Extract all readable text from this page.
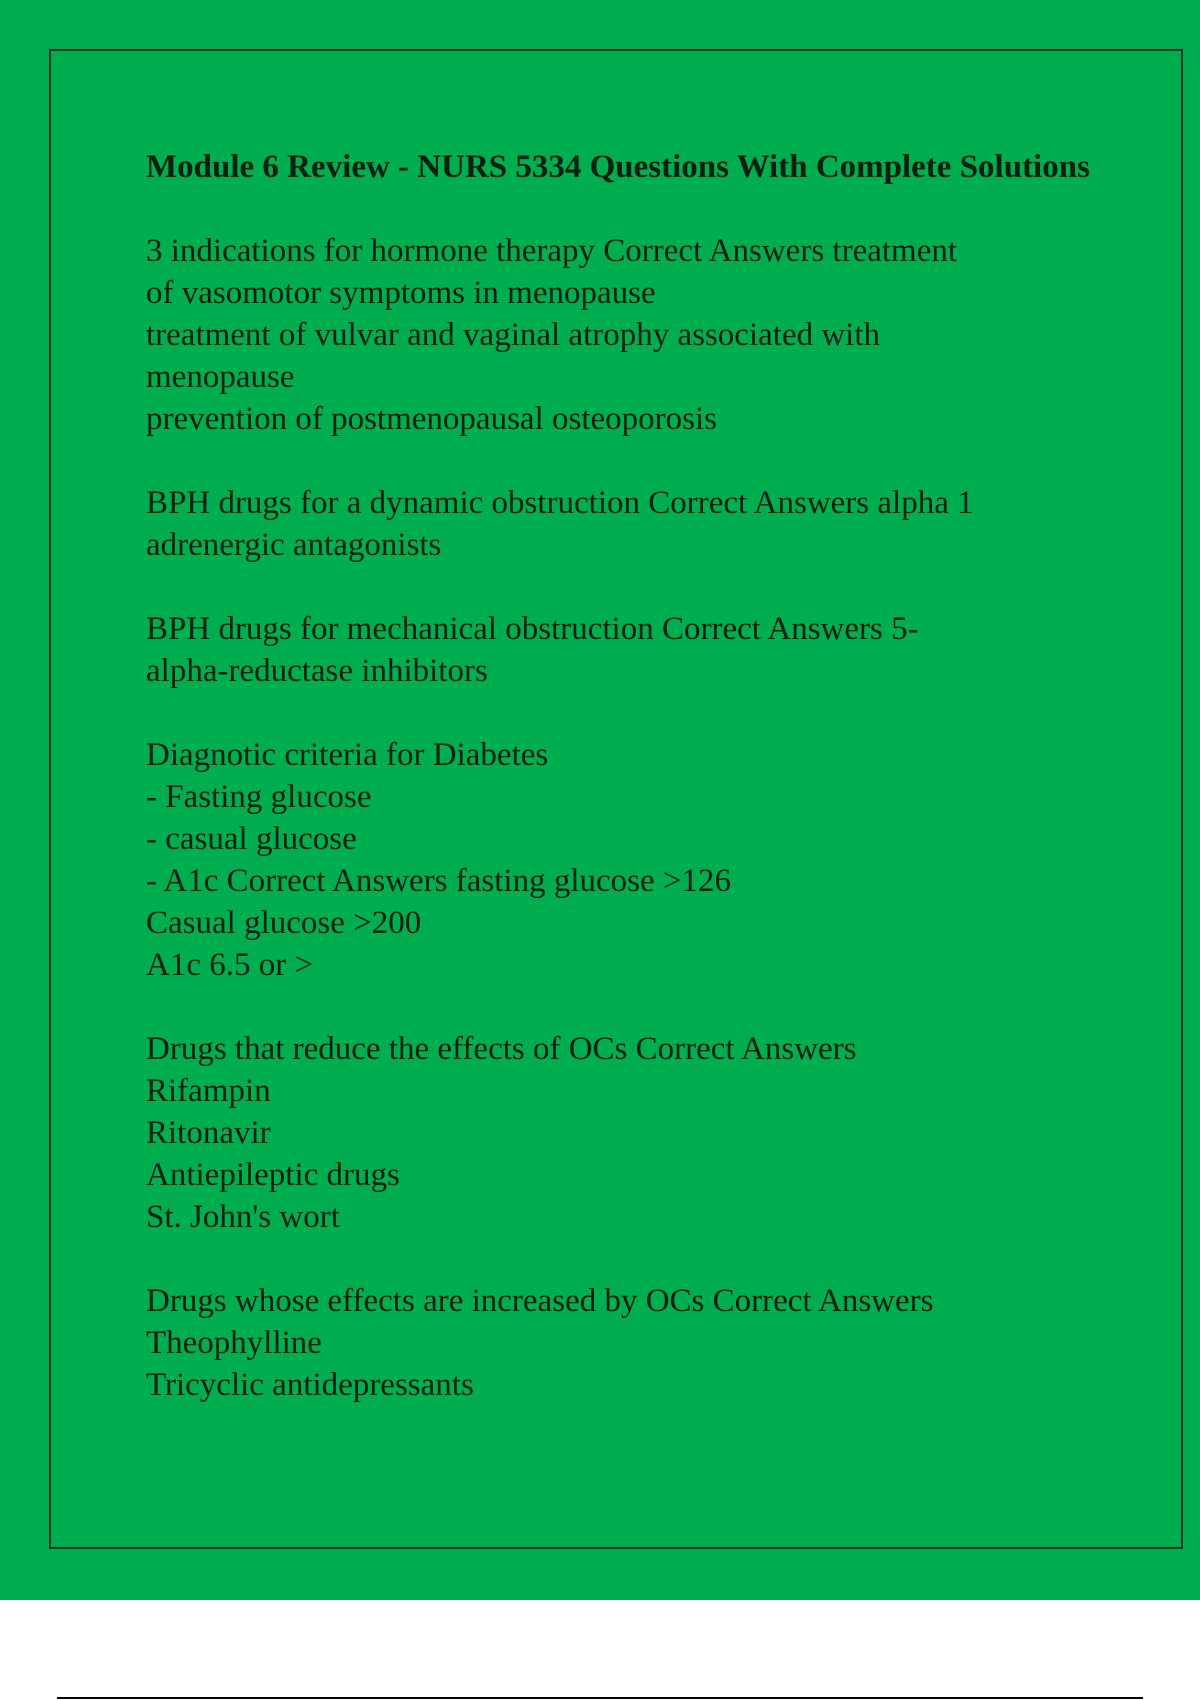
Module 6 Review - NURS 5334 Questions With Complete Solutions
3 indications for hormone therapy Correct Answers treatment
of vasomotor symptoms in menopause
treatment of vulvar and vaginal atrophy associated with
menopause
prevention of postmenopausal osteoporosis
BPH drugs for a dynamic obstruction Correct Answers alpha 1
adrenergic antagonists
BPH drugs for mechanical obstruction Correct Answers 5-
alpha-reductase inhibitors
Diagnotic criteria for Diabetes
- Fasting glucose
- casual glucose
- A1c Correct Answers fasting glucose >126
Casual glucose >200
A1c 6.5 or >
Drugs that reduce the effects of OCs Correct Answers
Rifampin
Ritonavir
Antiepileptic drugs
St. John's wort
Drugs whose effects are increased by OCs Correct Answers
Theophylline
Tricyclic antidepressants
